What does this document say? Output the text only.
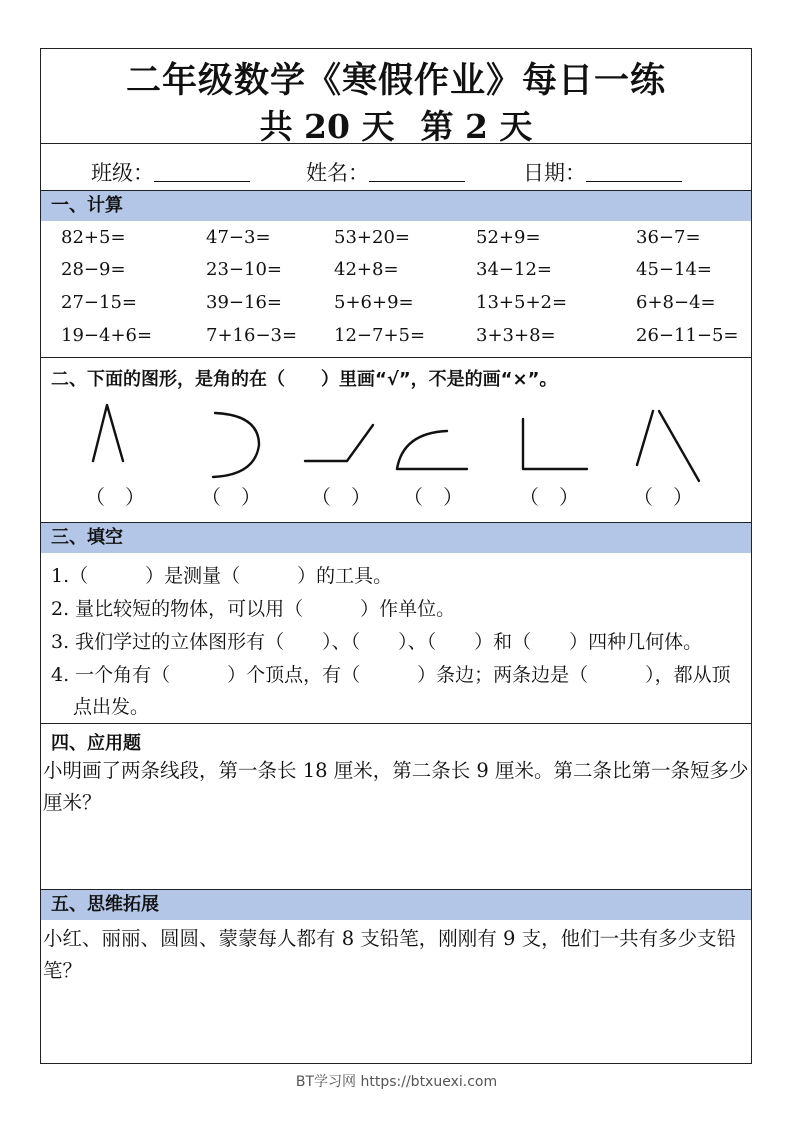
二年级数学《寒假作业》每日一练
共 20 天 第 2 天
班级：	姓名：	日期：
一、计算
82+5=	47−3=	53+20=	52+9=	36−7=
28−9=	23−10=	42+8=	34−12=	45−14=
27−15=	39−16=	5+6+9=	13+5+2=	6+8−4=
19−4+6=	7+16−3= 12−7+5=	3+3+8=	26−11−5=
二、下面的图形，是角的在（　　）里画“√”，不是的画“×”。
（　）	（　）	（　） （　）	（　）	（　）
三、填空
1.（　　　）是测量（　　　）的工具。
2. 量比较短的物体，可以用（　　　）作单位。
3. 我们学过的立体图形有（　　）、（　　）、（　　）和（　　）四种几何体。
4. 一个角有（　　　）个顶点，有（　　　）条边；两条边是（　　　），都从顶
点出发。
四、应用题
小明画了两条线段，第一条长 18 厘米，第二条长 9 厘米。第二条比第一条短多少厘米？
五、思维拓展
小红、丽丽、圆圆、蒙蒙每人都有 8 支铅笔，刚刚有 9 支，他们一共有多少支铅笔？
BT学习网 https://btxuexi.com
